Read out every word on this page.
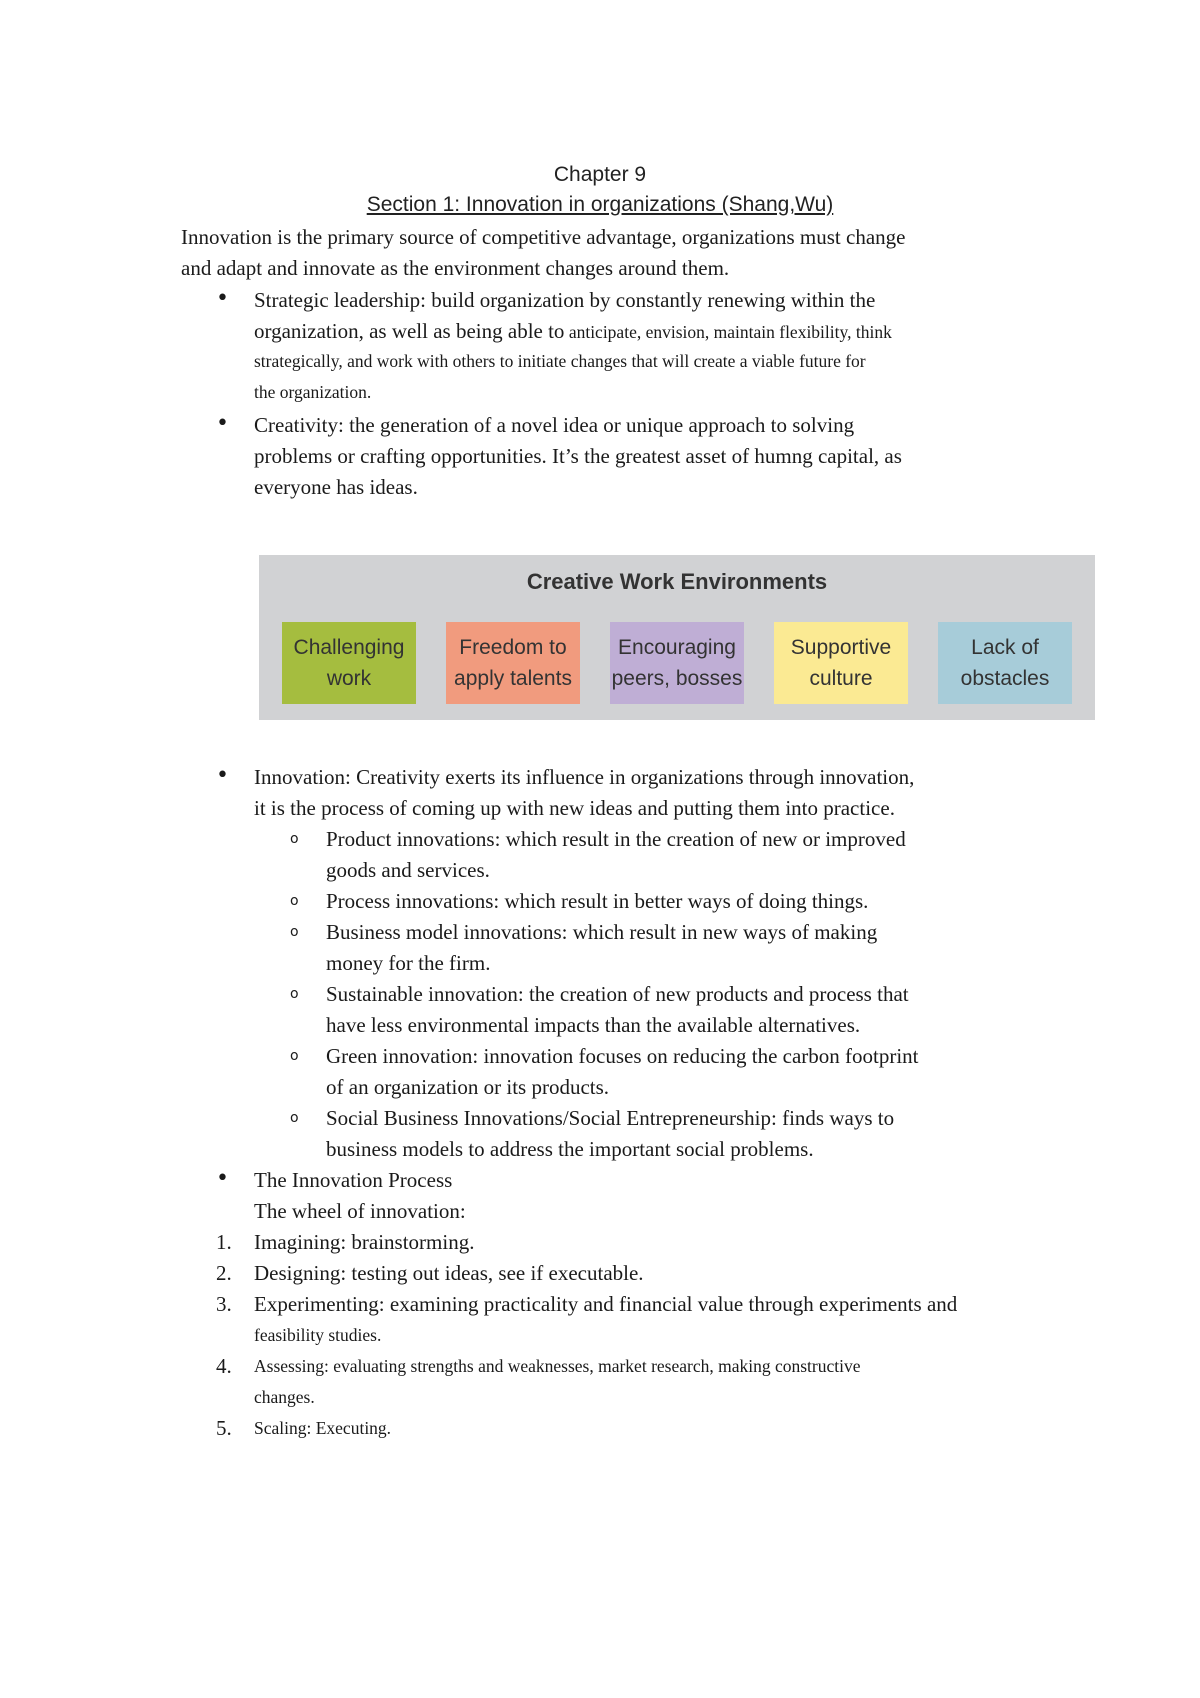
Chapter 9
Section 1: Innovation in organizations (Shang,Wu)
Innovation is the primary source of competitive advantage, organizations must change
and adapt and innovate as the environment changes around them.
• Strategic leadership: build organization by constantly renewing within the
organization, as well as being able to anticipate, envision, maintain flexibility, think
strategically, and work with others to initiate changes that will create a viable future for
the organization.
• Creativity: the generation of a novel idea or unique approach to solving
problems or crafting opportunities. It’s the greatest asset of humng capital, as
everyone has ideas.
Creative Work Environments
Challenging
work
Freedom to
apply talents
Encouraging
peers, bosses
Supportive
culture
Lack of
obstacles
• Innovation: Creativity exerts its influence in organizations through innovation,
it is the process of coming up with new ideas and putting them into practice.
o Product innovations: which result in the creation of new or improved
goods and services.
o Process innovations: which result in better ways of doing things.
o Business model innovations: which result in new ways of making
money for the firm.
o Sustainable innovation: the creation of new products and process that
have less environmental impacts than the available alternatives.
o Green innovation: innovation focuses on reducing the carbon footprint
of an organization or its products.
o Social Business Innovations/Social Entrepreneurship: finds ways to
business models to address the important social problems.
• The Innovation Process
The wheel of innovation:
1.	Imagining: brainstorming.
2.	Designing: testing out ideas, see if executable.
3.	Experimenting: examining practicality and financial value through experiments and
feasibility studies.
4.	Assessing: evaluating strengths and weaknesses, market research, making constructive
changes.
5.	Scaling: Executing.
